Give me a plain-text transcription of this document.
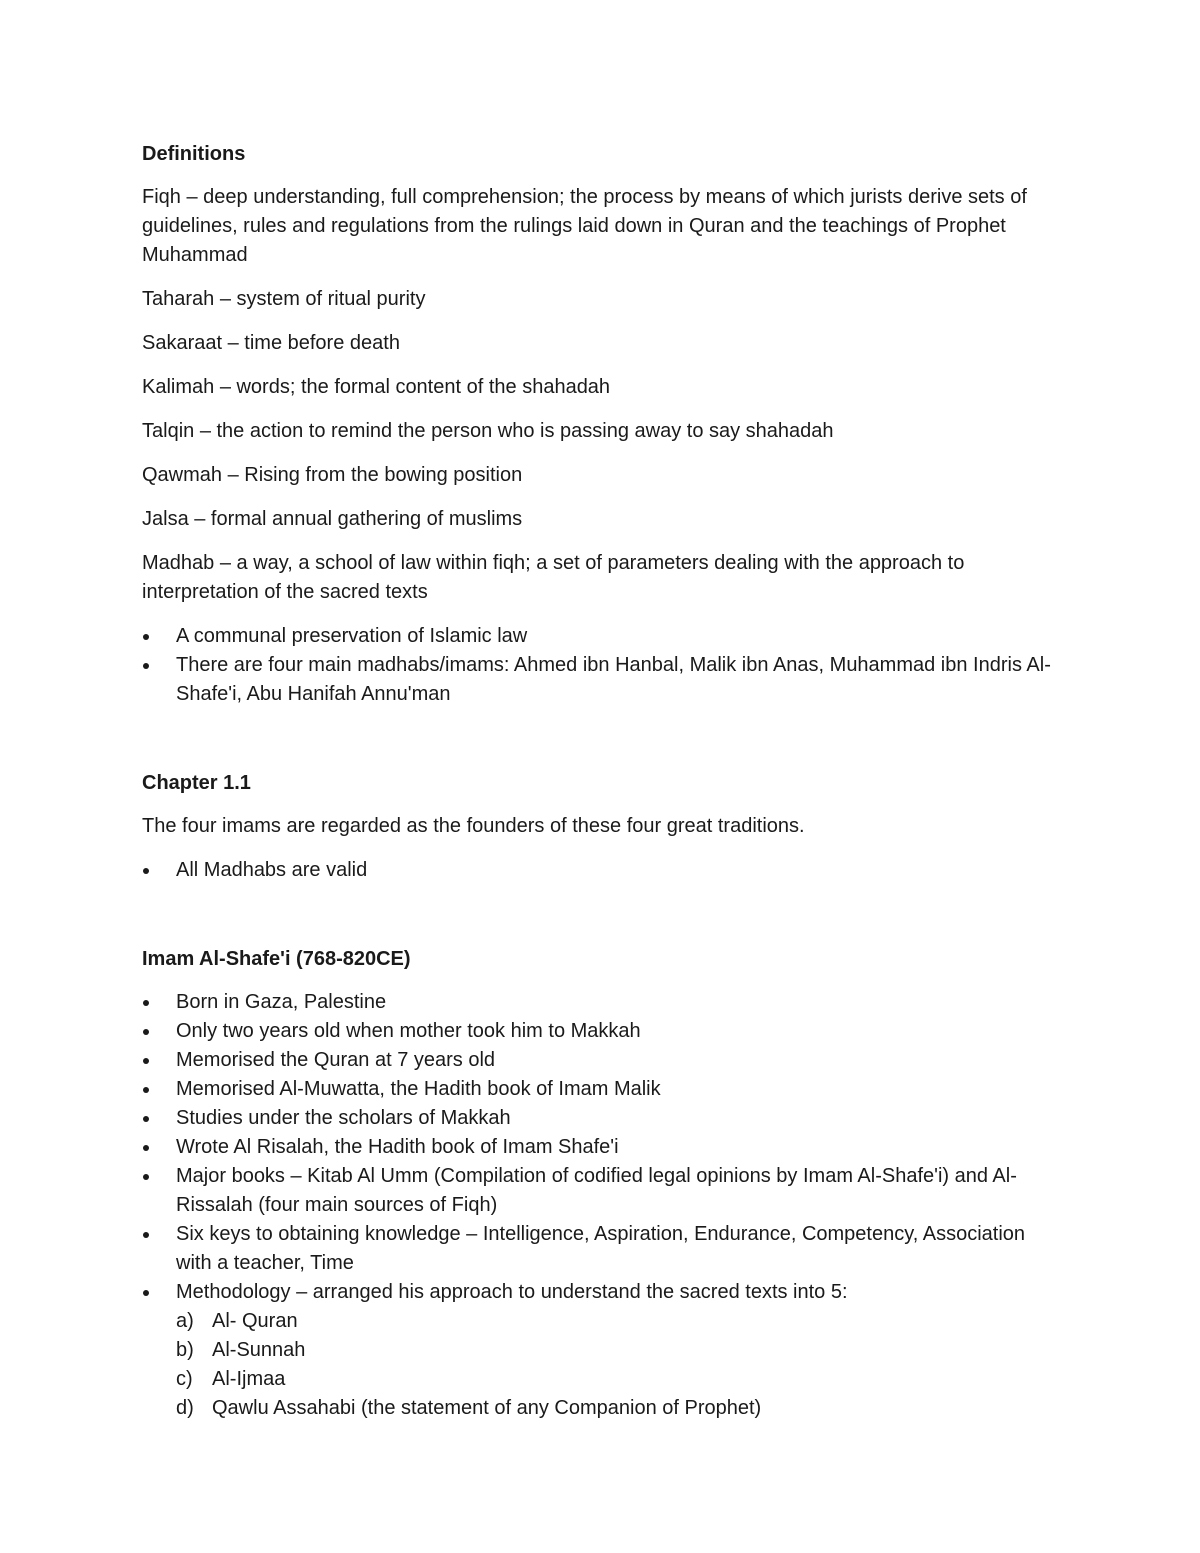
Definitions

Fiqh – deep understanding, full comprehension; the process by means of which jurists derive sets of guidelines, rules and regulations from the rulings laid down in Quran and the teachings of Prophet Muhammad

Taharah – system of ritual purity

Sakaraat – time before death

Kalimah – words; the formal content of the shahadah

Talqin – the action to remind the person who is passing away to say shahadah

Qawmah – Rising from the bowing position

Jalsa – formal annual gathering of muslims

Madhab – a way, a school of law within fiqh; a set of parameters dealing with the approach to interpretation of the sacred texts

A communal preservation of Islamic law
There are four main madhabs/imams: Ahmed ibn Hanbal, Malik ibn Anas, Muhammad ibn Indris Al-Shafe'i, Abu Hanifah Annu'man

Chapter 1.1

The four imams are regarded as the founders of these four great traditions.

All Madhabs are valid

Imam Al-Shafe'i (768-820CE)

Born in Gaza, Palestine
Only two years old when mother took him to Makkah
Memorised the Quran at 7 years old
Memorised Al-Muwatta, the Hadith book of Imam Malik
Studies under the scholars of Makkah
Wrote Al Risalah, the Hadith book of Imam Shafe'i
Major books – Kitab Al Umm (Compilation of codified legal opinions by Imam Al-Shafe'i) and Al-Rissalah (four main sources of Fiqh)
Six keys to obtaining knowledge – Intelligence, Aspiration, Endurance, Competency, Association with a teacher, Time
Methodology – arranged his approach to understand the sacred texts into 5:
a) Al- Quran
b) Al-Sunnah
c) Al-Ijmaa
d) Qawlu Assahabi (the statement of any Companion of Prophet)
